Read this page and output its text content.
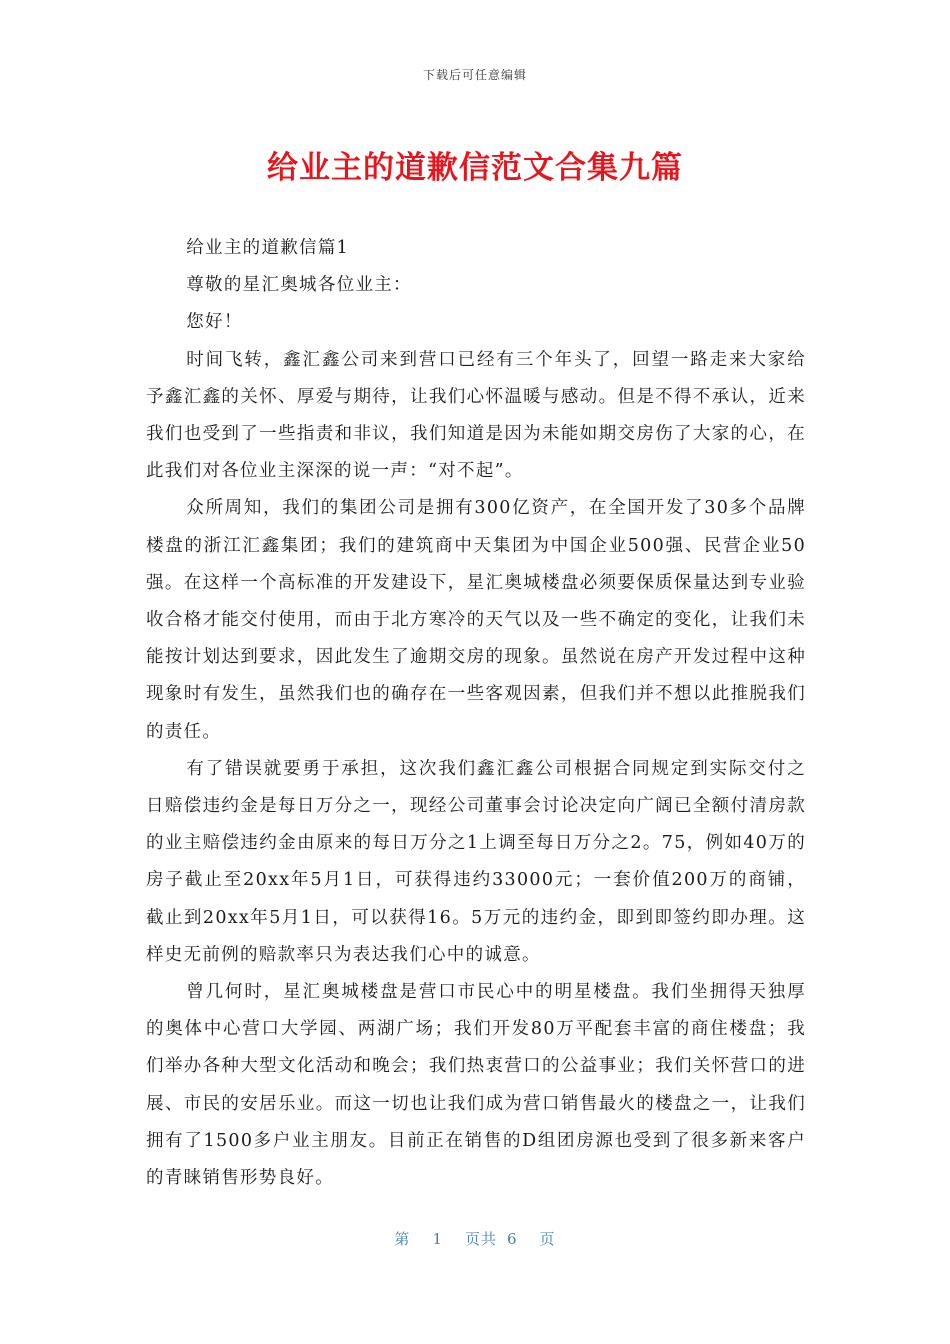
下载后可任意编辑
给业主的道歉信范文合集九篇

给业主的道歉信篇1

尊敬的星汇奥城各位业主：

您好！

时间飞转，鑫汇鑫公司来到营口已经有三个年头了，回望一路走来大家给予鑫汇鑫的关怀、厚爱与期待，让我们心怀温暖与感动。但是不得不承认，近来我们也受到了一些指责和非议，我们知道是因为未能如期交房伤了大家的心，在此我们对各位业主深深的说一声：“对不起”。

众所周知，我们的集团公司是拥有300亿资产，在全国开发了30多个品牌楼盘的浙江汇鑫集团；我们的建筑商中天集团为中国企业500强、民营企业50强。在这样一个高标准的开发建设下，星汇奥城楼盘必须要保质保量达到专业验收合格才能交付使用，而由于北方寒冷的天气以及一些不确定的变化，让我们未能按计划达到要求，因此发生了逾期交房的现象。虽然说在房产开发过程中这种现象时有发生，虽然我们也的确存在一些客观因素，但我们并不想以此推脱我们的责任。

有了错误就要勇于承担，这次我们鑫汇鑫公司根据合同规定到实际交付之日赔偿违约金是每日万分之一，现经公司董事会讨论决定向广阔已全额付清房款的业主赔偿违约金由原来的每日万分之1上调至每日万分之2。75，例如40万的房子截止至20xx年5月1日，可获得违约33000元；一套价值200万的商铺，截止到20xx年5月1日，可以获得16。5万元的违约金，即到即签约即办理。这样史无前例的赔款率只为表达我们心中的诚意。

曾几何时，星汇奥城楼盘是营口市民心中的明星楼盘。我们坐拥得天独厚的奥体中心营口大学园、两湖广场；我们开发80万平配套丰富的商住楼盘；我们举办各种大型文化活动和晚会；我们热衷营口的公益事业；我们关怀营口的进展、市民的安居乐业。而这一切也让我们成为营口销售最火的楼盘之一，让我们拥有了1500多户业主朋友。目前正在销售的D组团房源也受到了很多新来客户的青睐销售形势良好。

第 1 页共 6 页
